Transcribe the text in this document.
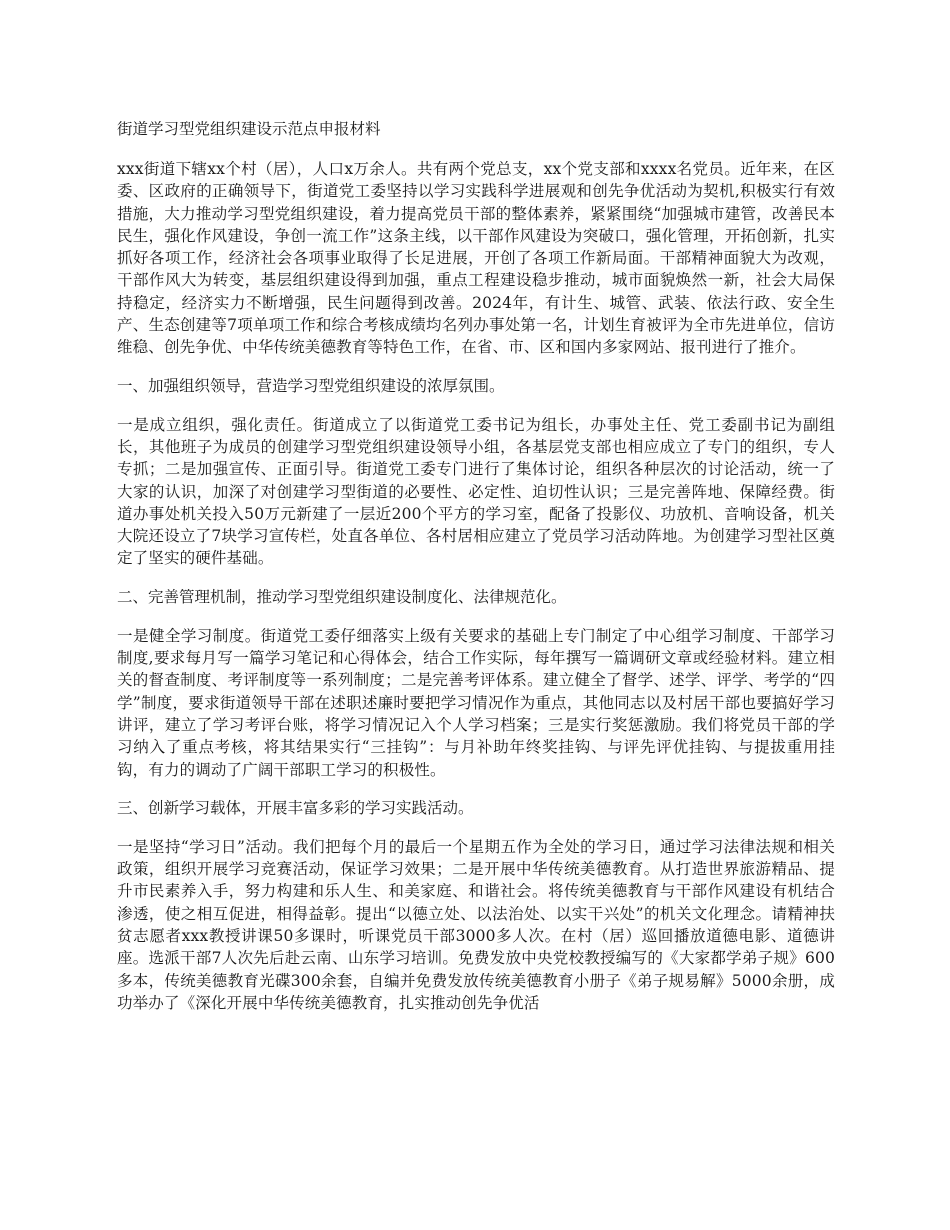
街道学习型党组织建设示范点申报材料

xxx街道下辖xx个村（居），人口x万余人。共有两个党总支，xx个党支部和xxxx名党员。近年来，在区委、区政府的正确领导下，街道党工委坚持以学习实践科学进展观和创先争优活动为契机,积极实行有效措施，大力推动学习型党组织建设，着力提高党员干部的整体素养，紧紧围绕“加强城市建管，改善民本民生，强化作风建设，争创一流工作”这条主线，以干部作风建设为突破口，强化管理，开拓创新，扎实抓好各项工作，经济社会各项事业取得了长足进展，开创了各项工作新局面。干部精神面貌大为改观，干部作风大为转变，基层组织建设得到加强，重点工程建设稳步推动，城市面貌焕然一新，社会大局保持稳定，经济实力不断增强，民生问题得到改善。2024年，有计生、城管、武装、依法行政、安全生产、生态创建等7项单项工作和综合考核成绩均名列办事处第一名，计划生育被评为全市先进单位，信访维稳、创先争优、中华传统美德教育等特色工作，在省、市、区和国内多家网站、报刊进行了推介。

一、加强组织领导，营造学习型党组织建设的浓厚氛围。

一是成立组织，强化责任。街道成立了以街道党工委书记为组长，办事处主任、党工委副书记为副组长，其他班子为成员的创建学习型党组织建设领导小组，各基层党支部也相应成立了专门的组织，专人专抓；二是加强宣传、正面引导。街道党工委专门进行了集体讨论，组织各种层次的讨论活动，统一了大家的认识，加深了对创建学习型街道的必要性、必定性、迫切性认识；三是完善阵地、保障经费。街道办事处机关投入50万元新建了一层近200个平方的学习室，配备了投影仪、功放机、音响设备，机关大院还设立了7块学习宣传栏，处直各单位、各村居相应建立了党员学习活动阵地。为创建学习型社区奠定了坚实的硬件基础。

二、完善管理机制，推动学习型党组织建设制度化、法律规范化。

一是健全学习制度。街道党工委仔细落实上级有关要求的基础上专门制定了中心组学习制度、干部学习制度,要求每月写一篇学习笔记和心得体会，结合工作实际，每年撰写一篇调研文章或经验材料。建立相关的督查制度、考评制度等一系列制度；二是完善考评体系。建立健全了督学、述学、评学、考学的“四学”制度，要求街道领导干部在述职述廉时要把学习情况作为重点，其他同志以及村居干部也要搞好学习讲评，建立了学习考评台账，将学习情况记入个人学习档案；三是实行奖惩激励。我们将党员干部的学习纳入了重点考核，将其结果实行“三挂钩”：与月补助年终奖挂钩、与评先评优挂钩、与提拔重用挂钩，有力的调动了广阔干部职工学习的积极性。

三、创新学习载体，开展丰富多彩的学习实践活动。

一是坚持“学习日”活动。我们把每个月的最后一个星期五作为全处的学习日，通过学习法律法规和相关政策，组织开展学习竞赛活动，保证学习效果；二是开展中华传统美德教育。从打造世界旅游精品、提升市民素养入手，努力构建和乐人生、和美家庭、和谐社会。将传统美德教育与干部作风建设有机结合渗透，使之相互促进，相得益彰。提出“以德立处、以法治处、以实干兴处”的机关文化理念。请精神扶贫志愿者xxx教授讲课50多课时，听课党员干部3000多人次。在村（居）巡回播放道德电影、道德讲座。选派干部7人次先后赴云南、山东学习培训。免费发放中央党校教授编写的《大家都学弟子规》600多本，传统美德教育光碟300余套，自编并免费发放传统美德教育小册子《弟子规易解》5000余册，成功举办了《深化开展中华传统美德教育，扎实推动创先争优活
